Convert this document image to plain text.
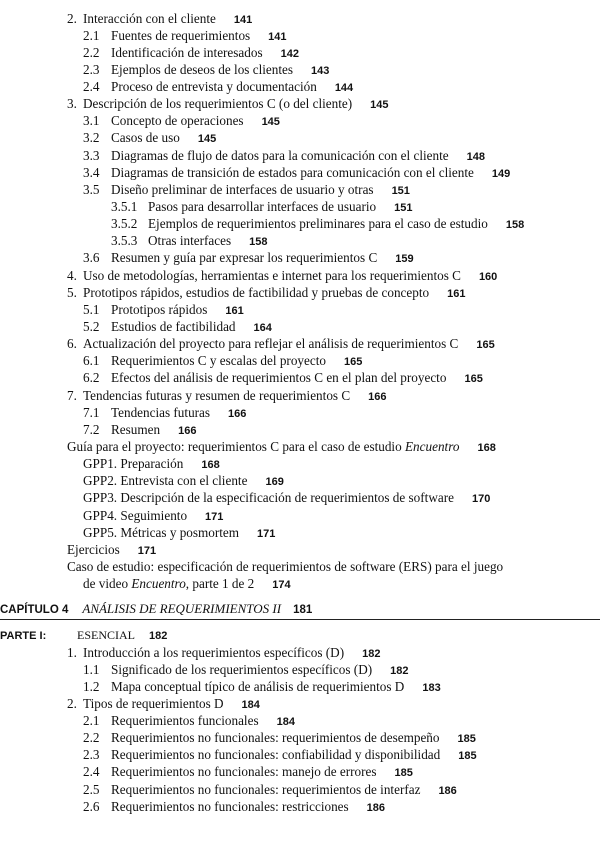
2. Interacción con el cliente 141
2.1 Fuentes de requerimientos 141
2.2 Identificación de interesados 142
2.3 Ejemplos de deseos de los clientes 143
2.4 Proceso de entrevista y documentación 144
3. Descripción de los requerimientos C (o del cliente) 145
3.1 Concepto de operaciones 145
3.2 Casos de uso 145
3.3 Diagramas de flujo de datos para la comunicación con el cliente 148
3.4 Diagramas de transición de estados para comunicación con el cliente 149
3.5 Diseño preliminar de interfaces de usuario y otras 151
3.5.1 Pasos para desarrollar interfaces de usuario 151
3.5.2 Ejemplos de requerimientos preliminares para el caso de estudio 158
3.5.3 Otras interfaces 158
3.6 Resumen y guía par expresar los requerimientos C 159
4. Uso de metodologías, herramientas e internet para los requerimientos C 160
5. Prototipos rápidos, estudios de factibilidad y pruebas de concepto 161
5.1 Prototipos rápidos 161
5.2 Estudios de factibilidad 164
6. Actualización del proyecto para reflejar el análisis de requerimientos C 165
6.1 Requerimientos C y escalas del proyecto 165
6.2 Efectos del análisis de requerimientos C en el plan del proyecto 165
7. Tendencias futuras y resumen de requerimientos C 166
7.1 Tendencias futuras 166
7.2 Resumen 166
Guía para el proyecto: requerimientos C para el caso de estudio Encuentro 168
GPP1. Preparación 168
GPP2. Entrevista con el cliente 169
GPP3. Descripción de la especificación de requerimientos de software 170
GPP4. Seguimiento 171
GPP5. Métricas y posmortem 171
Ejercicios 171
Caso de estudio: especificación de requerimientos de software (ERS) para el juego
de video Encuentro, parte 1 de 2 174
CAPÍTULO 4 ANÁLISIS DE REQUERIMIENTOS II 181
PARTE I:	ESENCIAL 182
1. Introducción a los requerimientos específicos (D) 182
1.1 Significado de los requerimientos específicos (D) 182
1.2 Mapa conceptual típico de análisis de requerimientos D 183
2. Tipos de requerimientos D 184
2.1 Requerimientos funcionales 184
2.2 Requerimientos no funcionales: requerimientos de desempeño 185
2.3 Requerimientos no funcionales: confiabilidad y disponibilidad 185
2.4 Requerimientos no funcionales: manejo de errores 185
2.5 Requerimientos no funcionales: requerimientos de interfaz 186
2.6 Requerimientos no funcionales: restricciones 186
